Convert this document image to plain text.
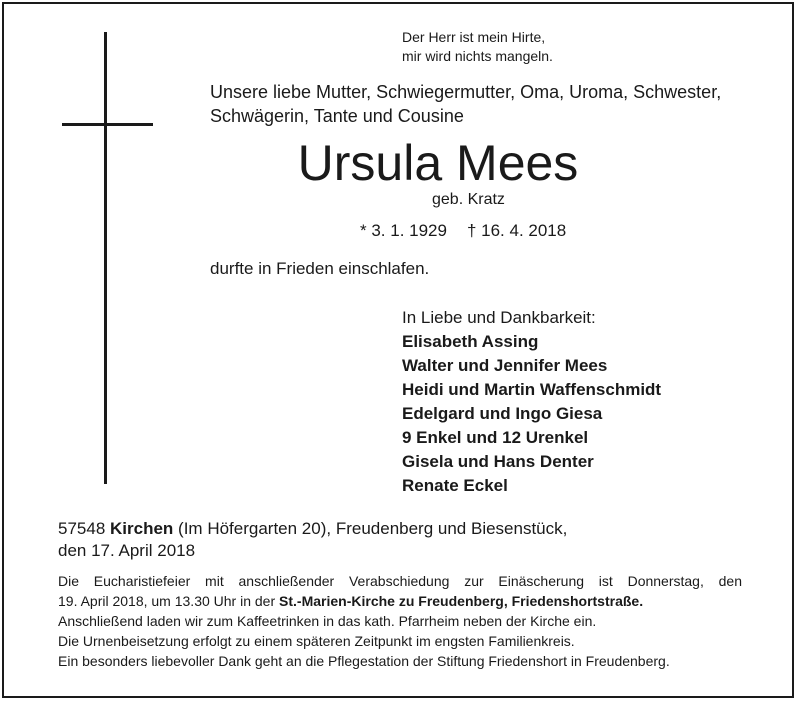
Der Herr ist mein Hirte,
mir wird nichts mangeln.
Unsere liebe Mutter, Schwiegermutter, Oma, Uroma, Schwester,
Schwägerin, Tante und Cousine
Ursula Mees
geb. Kratz
* 3. 1. 1929 † 16. 4. 2018
durfte in Frieden einschlafen.
In Liebe und Dankbarkeit:
Elisabeth Assing
Walter und Jennifer Mees
Heidi und Martin Waffenschmidt
Edelgard und Ingo Giesa
9 Enkel und 12 Urenkel
Gisela und Hans Denter
Renate Eckel
57548 Kirchen (Im Höfergarten 20), Freudenberg und Biesenstück,
den 17. April 2018
Die Eucharistiefeier mit anschließender Verabschiedung zur Einäscherung ist Donnerstag, den
19. April 2018, um 13.30 Uhr in der St.-Marien-Kirche zu Freudenberg, Friedenshortstraße.
Anschließend laden wir zum Kaffeetrinken in das kath. Pfarrheim neben der Kirche ein.
Die Urnenbeisetzung erfolgt zu einem späteren Zeitpunkt im engsten Familienkreis.
Ein besonders liebevoller Dank geht an die Pflegestation der Stiftung Friedenshort in Freudenberg.
